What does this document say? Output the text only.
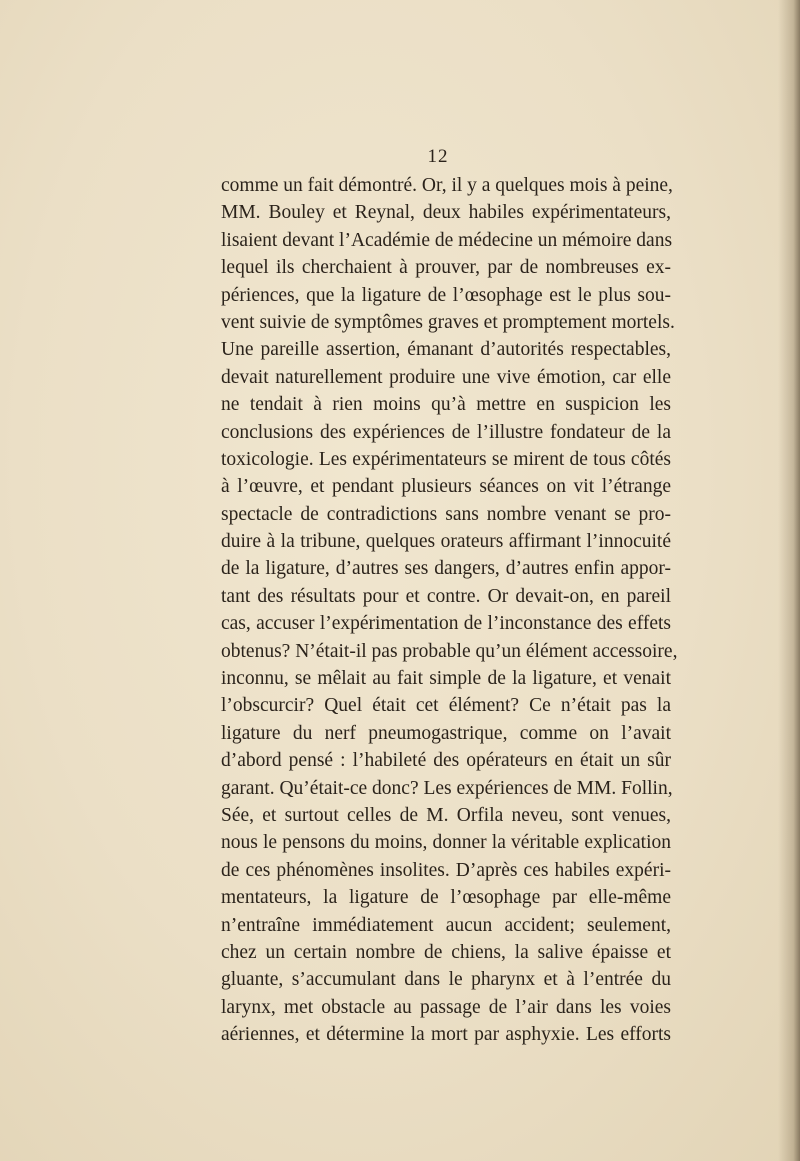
12
comme un fait démontré. Or, il y a quelques mois à peine,
MM. Bouley et Reynal, deux habiles expérimentateurs,
lisaient devant l’Académie de médecine un mémoire dans
lequel ils cherchaient à prouver, par de nombreuses ex-
périences, que la ligature de l’œsophage est le plus sou-
vent suivie de symptômes graves et promptement mortels.
Une pareille assertion, émanant d’autorités respectables,
devait naturellement produire une vive émotion, car elle
ne tendait à rien moins qu’à mettre en suspicion les
conclusions des expériences de l’illustre fondateur de la
toxicologie. Les expérimentateurs se mirent de tous côtés
à l’œuvre, et pendant plusieurs séances on vit l’étrange
spectacle de contradictions sans nombre venant se pro-
duire à la tribune, quelques orateurs affirmant l’innocuité
de la ligature, d’autres ses dangers, d’autres enfin appor-
tant des résultats pour et contre. Or devait-on, en pareil
cas, accuser l’expérimentation de l’inconstance des effets
obtenus? N’était-il pas probable qu’un élément accessoire,
inconnu, se mêlait au fait simple de la ligature, et venait
l’obscurcir? Quel était cet élément? Ce n’était pas la
ligature du nerf pneumogastrique, comme on l’avait
d’abord pensé : l’habileté des opérateurs en était un sûr
garant. Qu’était-ce donc? Les expériences de MM. Follin,
Sée, et surtout celles de M. Orfila neveu, sont venues,
nous le pensons du moins, donner la véritable explication
de ces phénomènes insolites. D’après ces habiles expéri-
mentateurs, la ligature de l’œsophage par elle-même
n’entraîne immédiatement aucun accident; seulement,
chez un certain nombre de chiens, la salive épaisse et
gluante, s’accumulant dans le pharynx et à l’entrée du
larynx, met obstacle au passage de l’air dans les voies
aériennes, et détermine la mort par asphyxie. Les efforts
